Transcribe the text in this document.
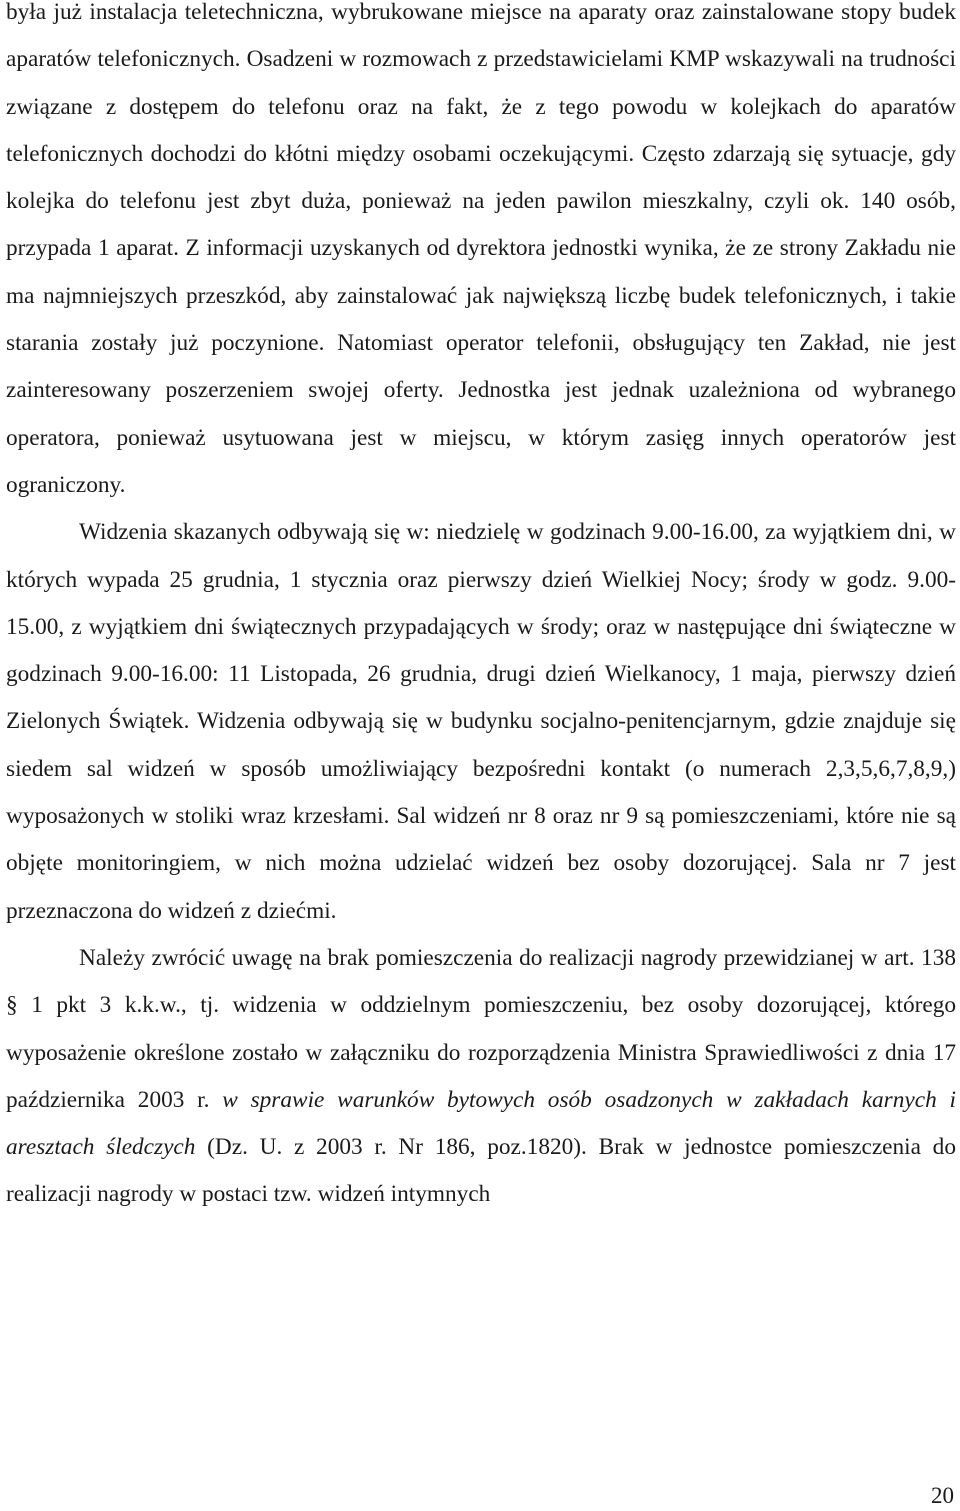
była już instalacja teletechniczna, wybrukowane miejsce na aparaty oraz zainstalowane stopy budek aparatów telefonicznych. Osadzeni w rozmowach z przedstawicielami KMP wskazywali na trudności związane z dostępem do telefonu oraz na fakt, że z tego powodu w kolejkach do aparatów telefonicznych dochodzi do kłótni między osobami oczekującymi. Często zdarzają się sytuacje, gdy kolejka do telefonu jest zbyt duża, ponieważ na jeden pawilon mieszkalny, czyli ok. 140 osób, przypada 1 aparat. Z informacji uzyskanych od dyrektora jednostki wynika, że ze strony Zakładu nie ma najmniejszych przeszkód, aby zainstalować jak największą liczbę budek telefonicznych, i takie starania zostały już poczynione. Natomiast operator telefonii, obsługujący ten Zakład, nie jest zainteresowany poszerzeniem swojej oferty. Jednostka jest jednak uzależniona od wybranego operatora, ponieważ usytuowana jest w miejscu, w którym zasięg innych operatorów jest ograniczony.

Widzenia skazanych odbywają się w: niedzielę w godzinach 9.00-16.00, za wyjątkiem dni, w których wypada 25 grudnia, 1 stycznia oraz pierwszy dzień Wielkiej Nocy; środy w godz. 9.00-15.00, z wyjątkiem dni świątecznych przypadających w środy; oraz w następujące dni świąteczne w godzinach 9.00-16.00: 11 Listopada, 26 grudnia, drugi dzień Wielkanocy, 1 maja, pierwszy dzień Zielonych Świątek. Widzenia odbywają się w budynku socjalno-penitencjarnym, gdzie znajduje się siedem sal widzeń w sposób umożliwiający bezpośredni kontakt (o numerach 2,3,5,6,7,8,9,) wyposażonych w stoliki wraz krzesłami. Sal widzeń nr 8 oraz nr 9 są pomieszczeniami, które nie są objęte monitoringiem, w nich można udzielać widzeń bez osoby dozorującej. Sala nr 7 jest przeznaczona do widzeń z dziećmi.

Należy zwrócić uwagę na brak pomieszczenia do realizacji nagrody przewidzianej w art. 138 § 1 pkt 3 k.k.w., tj. widzenia w oddzielnym pomieszczeniu, bez osoby dozorującej, którego wyposażenie określone zostało w załączniku do rozporządzenia Ministra Sprawiedliwości z dnia 17 października 2003 r. w sprawie warunków bytowych osób osadzonych w zakładach karnych i aresztach śledczych (Dz. U. z 2003 r. Nr 186, poz.1820). Brak w jednostce pomieszczenia do realizacji nagrody w postaci tzw. widzeń intymnych

20
